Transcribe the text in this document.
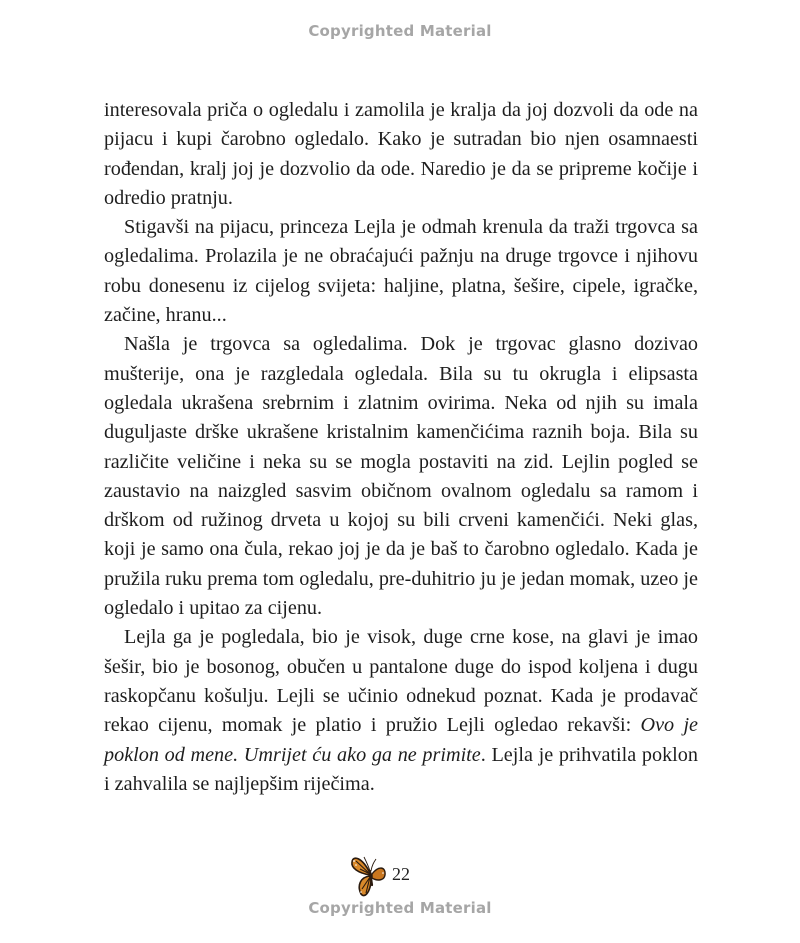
Copyrighted Material

interesovala priča o ogledalu i zamolila je kralja da joj dozvoli da ode na pijacu i kupi čarobno ogledalo. Kako je sutradan bio njen osamnaesti rođendan, kralj joj je dozvolio da ode. Naredio je da se pripreme kočije i odredio pratnju.

Stigavši na pijacu, princeza Lejla je odmah krenula da traži trgovca sa ogledalima. Prolazila je ne obraćajući pažnju na druge trgovce i njihovu robu donesenu iz cijelog svijeta: haljine, platna, šešire, cipele, igračke, začine, hranu...

Našla je trgovca sa ogledalima. Dok je trgovac glasno dozivao mušterije, ona je razgledala ogledala. Bila su tu okrugla i elipsasta ogledala ukrašena srebrnim i zlatnim ovirima. Neka od njih su imala duguljaste drške ukrašene kristalnim kamenčićima raznih boja. Bila su različite veličine i neka su se mogla postaviti na zid. Lejlin pogled se zaustavio na naizgled sasvim običnom ovalnom ogledalu sa ramom i drškom od ružinog drveta u kojoj su bili crveni kamenčići. Neki glas, koji je samo ona čula, rekao joj je da je baš to čarobno ogledalo. Kada je pružila ruku prema tom ogledalu, pre-duhitrio ju je jedan momak, uzeo je ogledalo i upitao za cijenu.

Lejla ga je pogledala, bio je visok, duge crne kose, na glavi je imao šešir, bio je bosonog, obučen u pantalone duge do ispod koljena i dugu raskopčanu košulju. Lejli se učinio odnekud poznat. Kada je prodavač rekao cijenu, momak je platio i pružio Lejli ogledao rekavši: Ovo je poklon od mene. Umrijet ću ako ga ne primite. Lejla je prihvatila poklon i zahvalila se najljepšim riječima.

22
Copyrighted Material
